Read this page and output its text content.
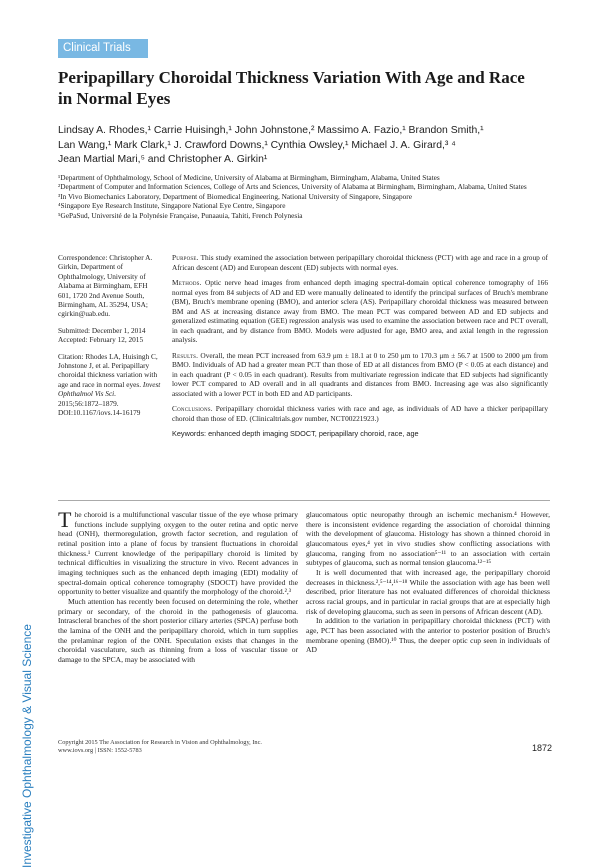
Investigative Ophthalmology & Visual Science
Clinical Trials
Peripapillary Choroidal Thickness Variation With Age and Race in Normal Eyes
Lindsay A. Rhodes,¹ Carrie Huisingh,¹ John Johnstone,² Massimo A. Fazio,¹ Brandon Smith,¹
Lan Wang,¹ Mark Clark,¹ J. Crawford Downs,¹ Cynthia Owsley,¹ Michael J. A. Girard,³ ⁴
Jean Martial Mari,⁵ and Christopher A. Girkin¹
¹Department of Ophthalmology, School of Medicine, University of Alabama at Birmingham, Birmingham, Alabama, United States
²Department of Computer and Information Sciences, College of Arts and Sciences, University of Alabama at Birmingham, Birmingham, Alabama, United States
³In Vivo Biomechanics Laboratory, Department of Biomedical Engineering, National University of Singapore, Singapore
⁴Singapore Eye Research Institute, Singapore National Eye Centre, Singapore
⁵GePaSud, Université de la Polynésie Française, Punaauia, Tahiti, French Polynesia

Correspondence: Christopher A. Girkin, Department of Ophthalmology, University of Alabama at Birmingham, EFH 601, 1720 2nd Avenue South, Birmingham, AL 35294, USA; cgirkin@uab.edu.

Submitted: December 1, 2014
Accepted: February 12, 2015

Citation: Rhodes LA, Huisingh C, Johnstone J, et al. Peripapillary choroidal thickness variation with age and race in normal eyes. Invest Ophthalmol Vis Sci. 2015;56:1872–1879. DOI:10.1167/iovs.14-16179

Purpose. This study examined the association between peripapillary choroidal thickness (PCT) with age and race in a group of African descent (AD) and European descent (ED) subjects with normal eyes.

Methods. Optic nerve head images from enhanced depth imaging spectral-domain optical coherence tomography of 166 normal eyes from 84 subjects of AD and ED were manually delineated to identify the principal surfaces of Bruch's membrane (BM), Bruch's membrane opening (BMO), and anterior sclera (AS). Peripapillary choroidal thickness was measured between BM and AS at increasing distance away from BMO. The mean PCT was compared between AD and ED subjects and generalized estimating equation (GEE) regression analysis was used to examine the association between race and PCT overall, in each quadrant, and by distance from BMO. Models were adjusted for age, BMO area, and axial length in the regression analysis.

Results. Overall, the mean PCT increased from 63.9 μm ± 18.1 at 0 to 250 μm to 170.3 μm ± 56.7 at 1500 to 2000 μm from BMO. Individuals of AD had a greater mean PCT than those of ED at all distances from BMO (P < 0.05 at each distance) and in each quadrant (P < 0.05 in each quadrant). Results from multivariate regression indicate that ED subjects had significantly lower PCT compared to AD overall and in all quadrants and distances from BMO. Increasing age was also significantly associated with a lower PCT in both ED and AD participants.

Conclusions. Peripapillary choroidal thickness varies with race and age, as individuals of AD have a thicker peripapillary choroid than those of ED. (Clinicaltrials.gov number, NCT00221923.)

Keywords: enhanced depth imaging SDOCT, peripapillary choroid, race, age

The choroid is a multifunctional vascular tissue of the eye whose primary functions include supplying oxygen to the outer retina and optic nerve head (ONH), thermoregulation, growth factor secretion, and regulation of retinal position into a plane of focus by transient fluctuations in choroidal thickness.¹ Current knowledge of the peripapillary choroid is limited by technical difficulties in visualizing the structure in vivo. Recent advances in imaging techniques such as the enhanced depth imaging (EDI) modality of spectral-domain optical coherence tomography (SDOCT) have provided the opportunity to better visualize and quantify the morphology of the choroid.²,³

Much attention has recently been focused on determining the role, whether primary or secondary, of the choroid in the pathogenesis of glaucoma. Intrascleral branches of the short posterior ciliary arteries (SPCA) perfuse both the lamina of the ONH and the peripapillary choroid, which in turn supplies the prelaminar region of the ONH. Speculation exists that changes in the choroidal vasculature, such as thinning from a loss of vascular tissue or damage to the SPCA, may be associated with

glaucomatous optic neuropathy through an ischemic mechanism.⁴ However, there is inconsistent evidence regarding the association of choroidal thinning with the development of glaucoma. Histology has shown a thinned choroid in glaucomatous eyes,⁴ yet in vivo studies show conflicting associations with glaucoma, ranging from no association⁵⁻¹¹ to an association with certain subtypes of glaucoma, such as normal tension glaucoma.¹²⁻¹⁵

It is well documented that with increased age, the peripapillary choroid decreases in thickness.²,⁵⁻¹⁴,¹⁶⁻¹⁸ While the association with age has been well described, prior literature has not evaluated differences of choroidal thickness across racial groups, and in particular in racial groups that are at especially high risk of developing glaucoma, such as seen in persons of African descent (AD).

In addition to the variation in peripapillary choroidal thickness (PCT) with age, PCT has been associated with the anterior to posterior position of Bruch's membrane opening (BMO).¹⁰ Thus, the deeper optic cup seen in individuals of AD

Copyright 2015 The Association for Research in Vision and Ophthalmology, Inc.
www.iovs.org | ISSN: 1552-5783	1872
